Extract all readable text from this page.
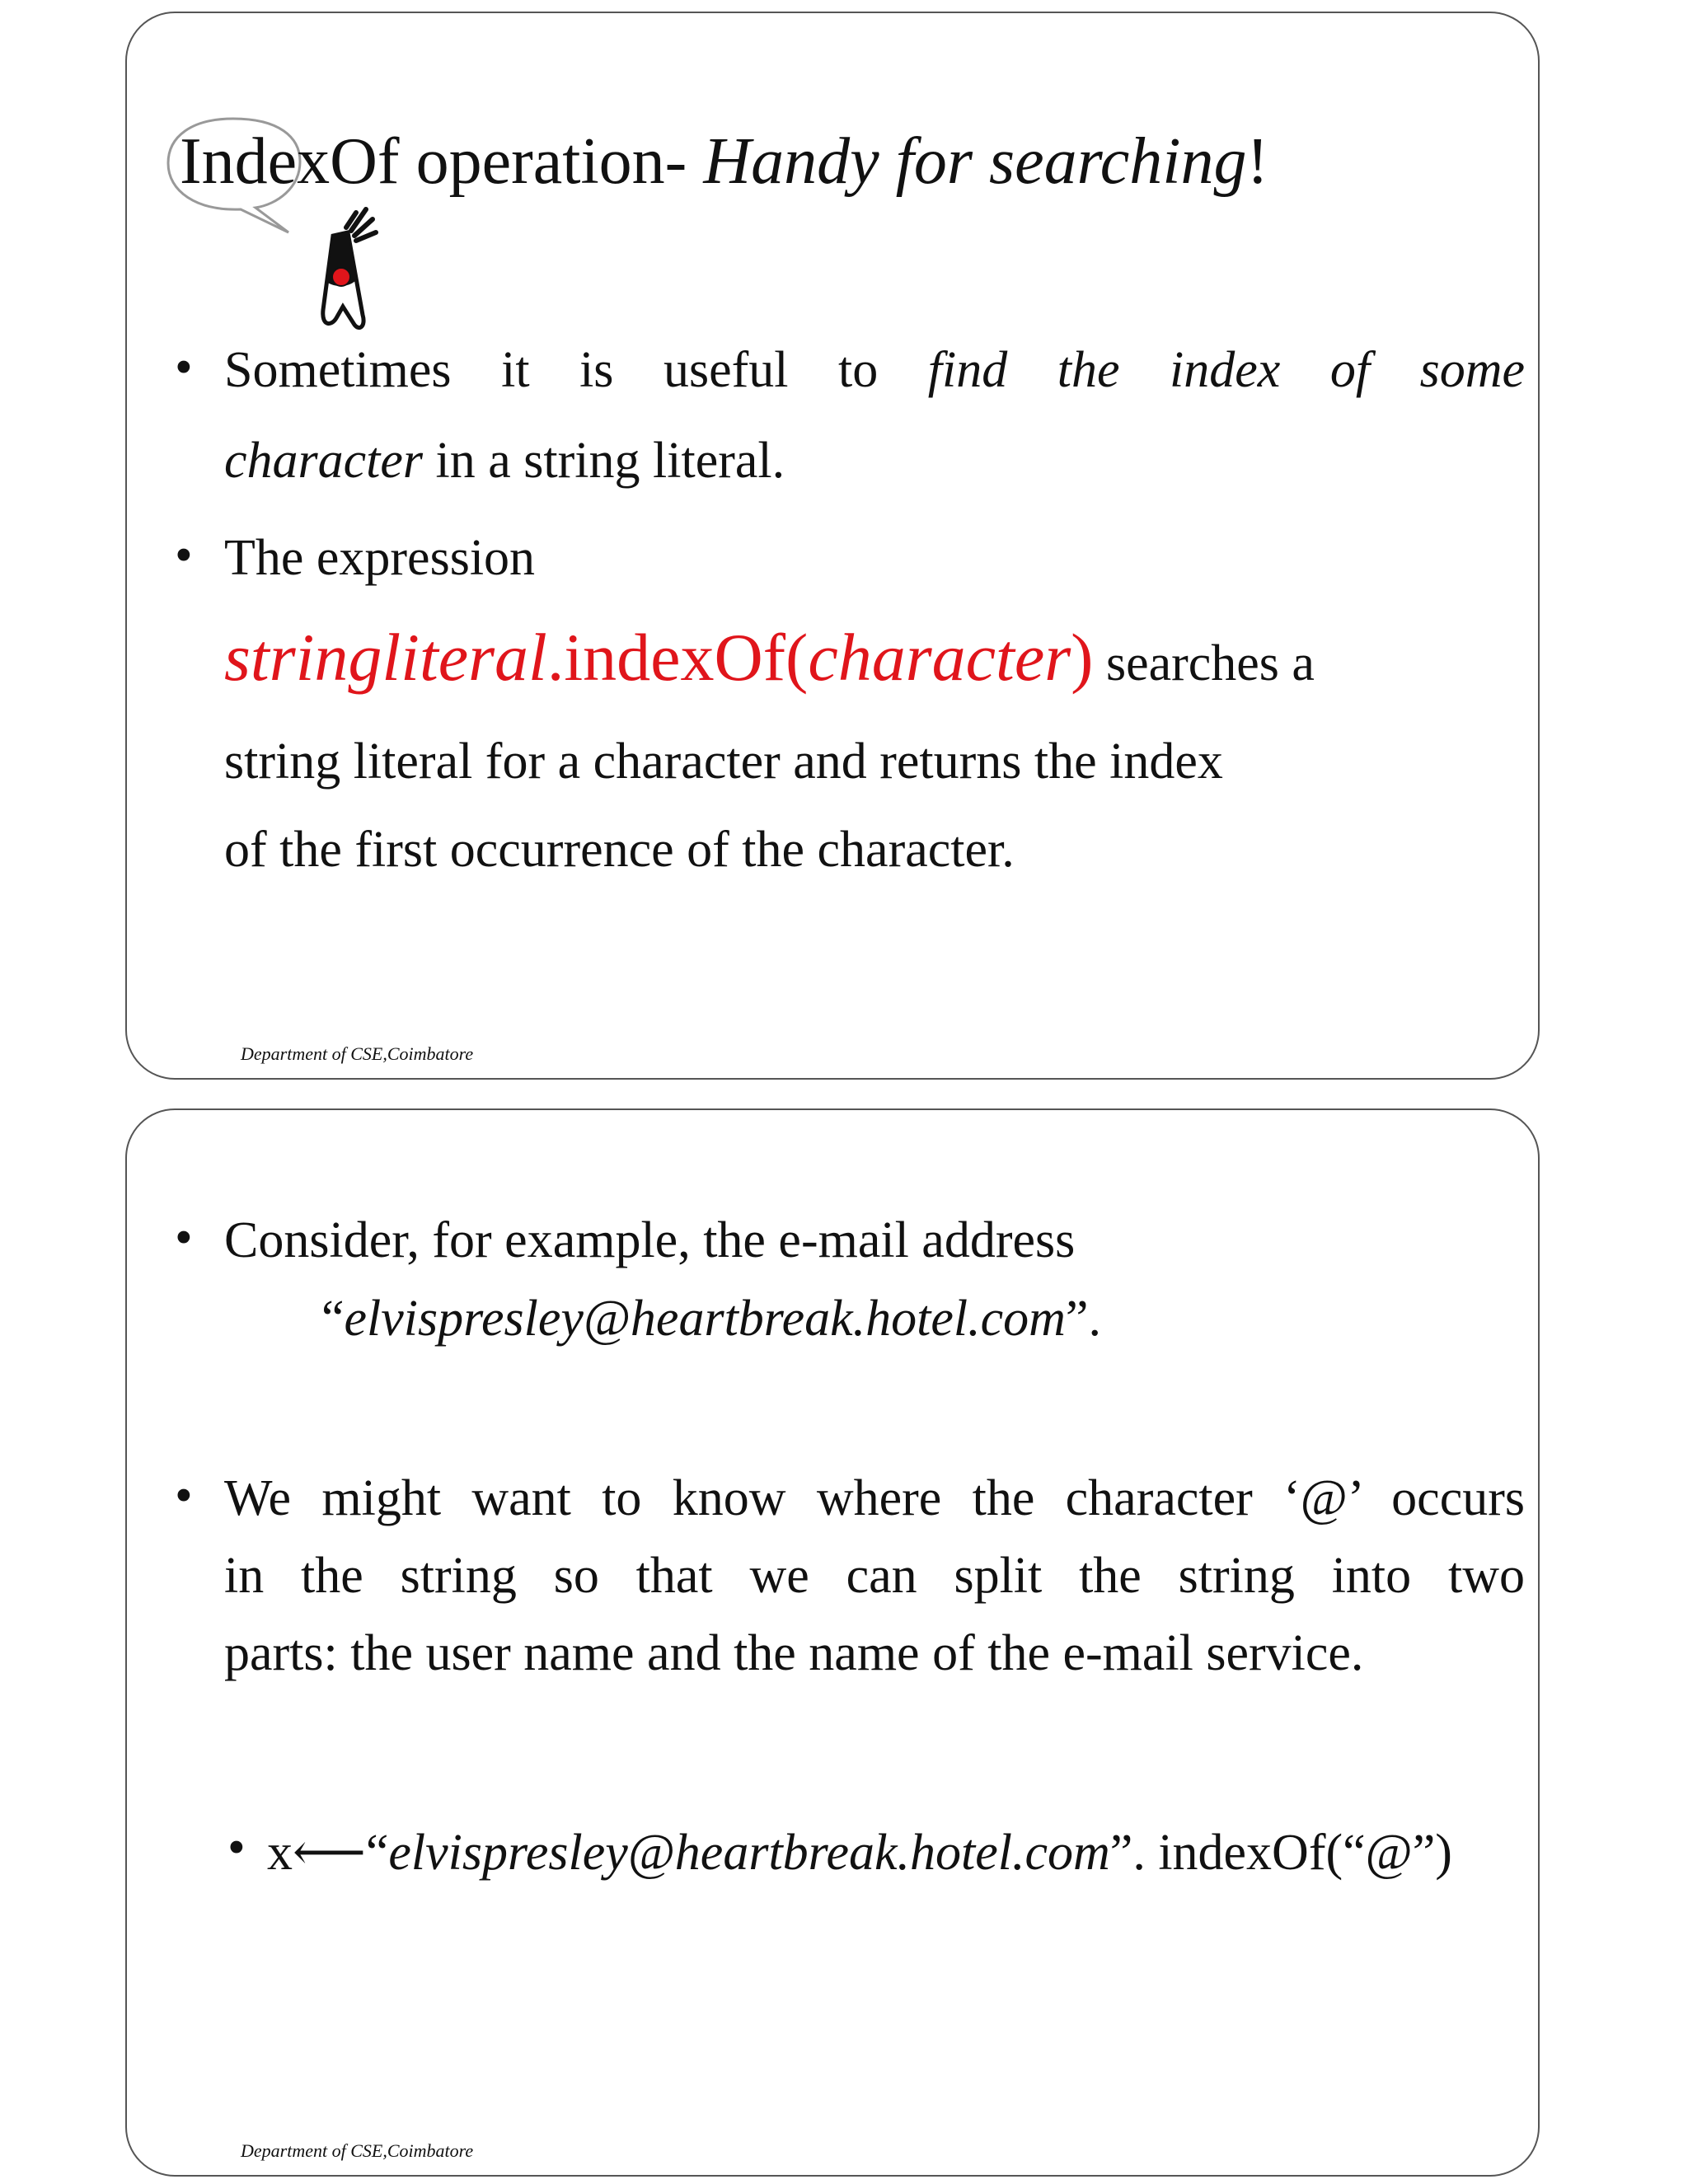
IndexOf operation- Handy for searching!
• Sometimes it is useful to find the index of some
character in a string literal.
• The expression
stringliteral.indexOf(character) searches a
string literal for a character and returns the index
of the first occurrence of the character.
Department of CSE,Coimbatore
• Consider, for example, the e-mail address
“elvispresley@heartbreak.hotel.com”.
• We might want to know where the character ‘@’ occurs
in the string so that we can split the string into two
parts: the user name and the name of the e-mail service.
• x⟵“elvispresley@heartbreak.hotel.com”. indexOf(“@”)
Department of CSE,Coimbatore
